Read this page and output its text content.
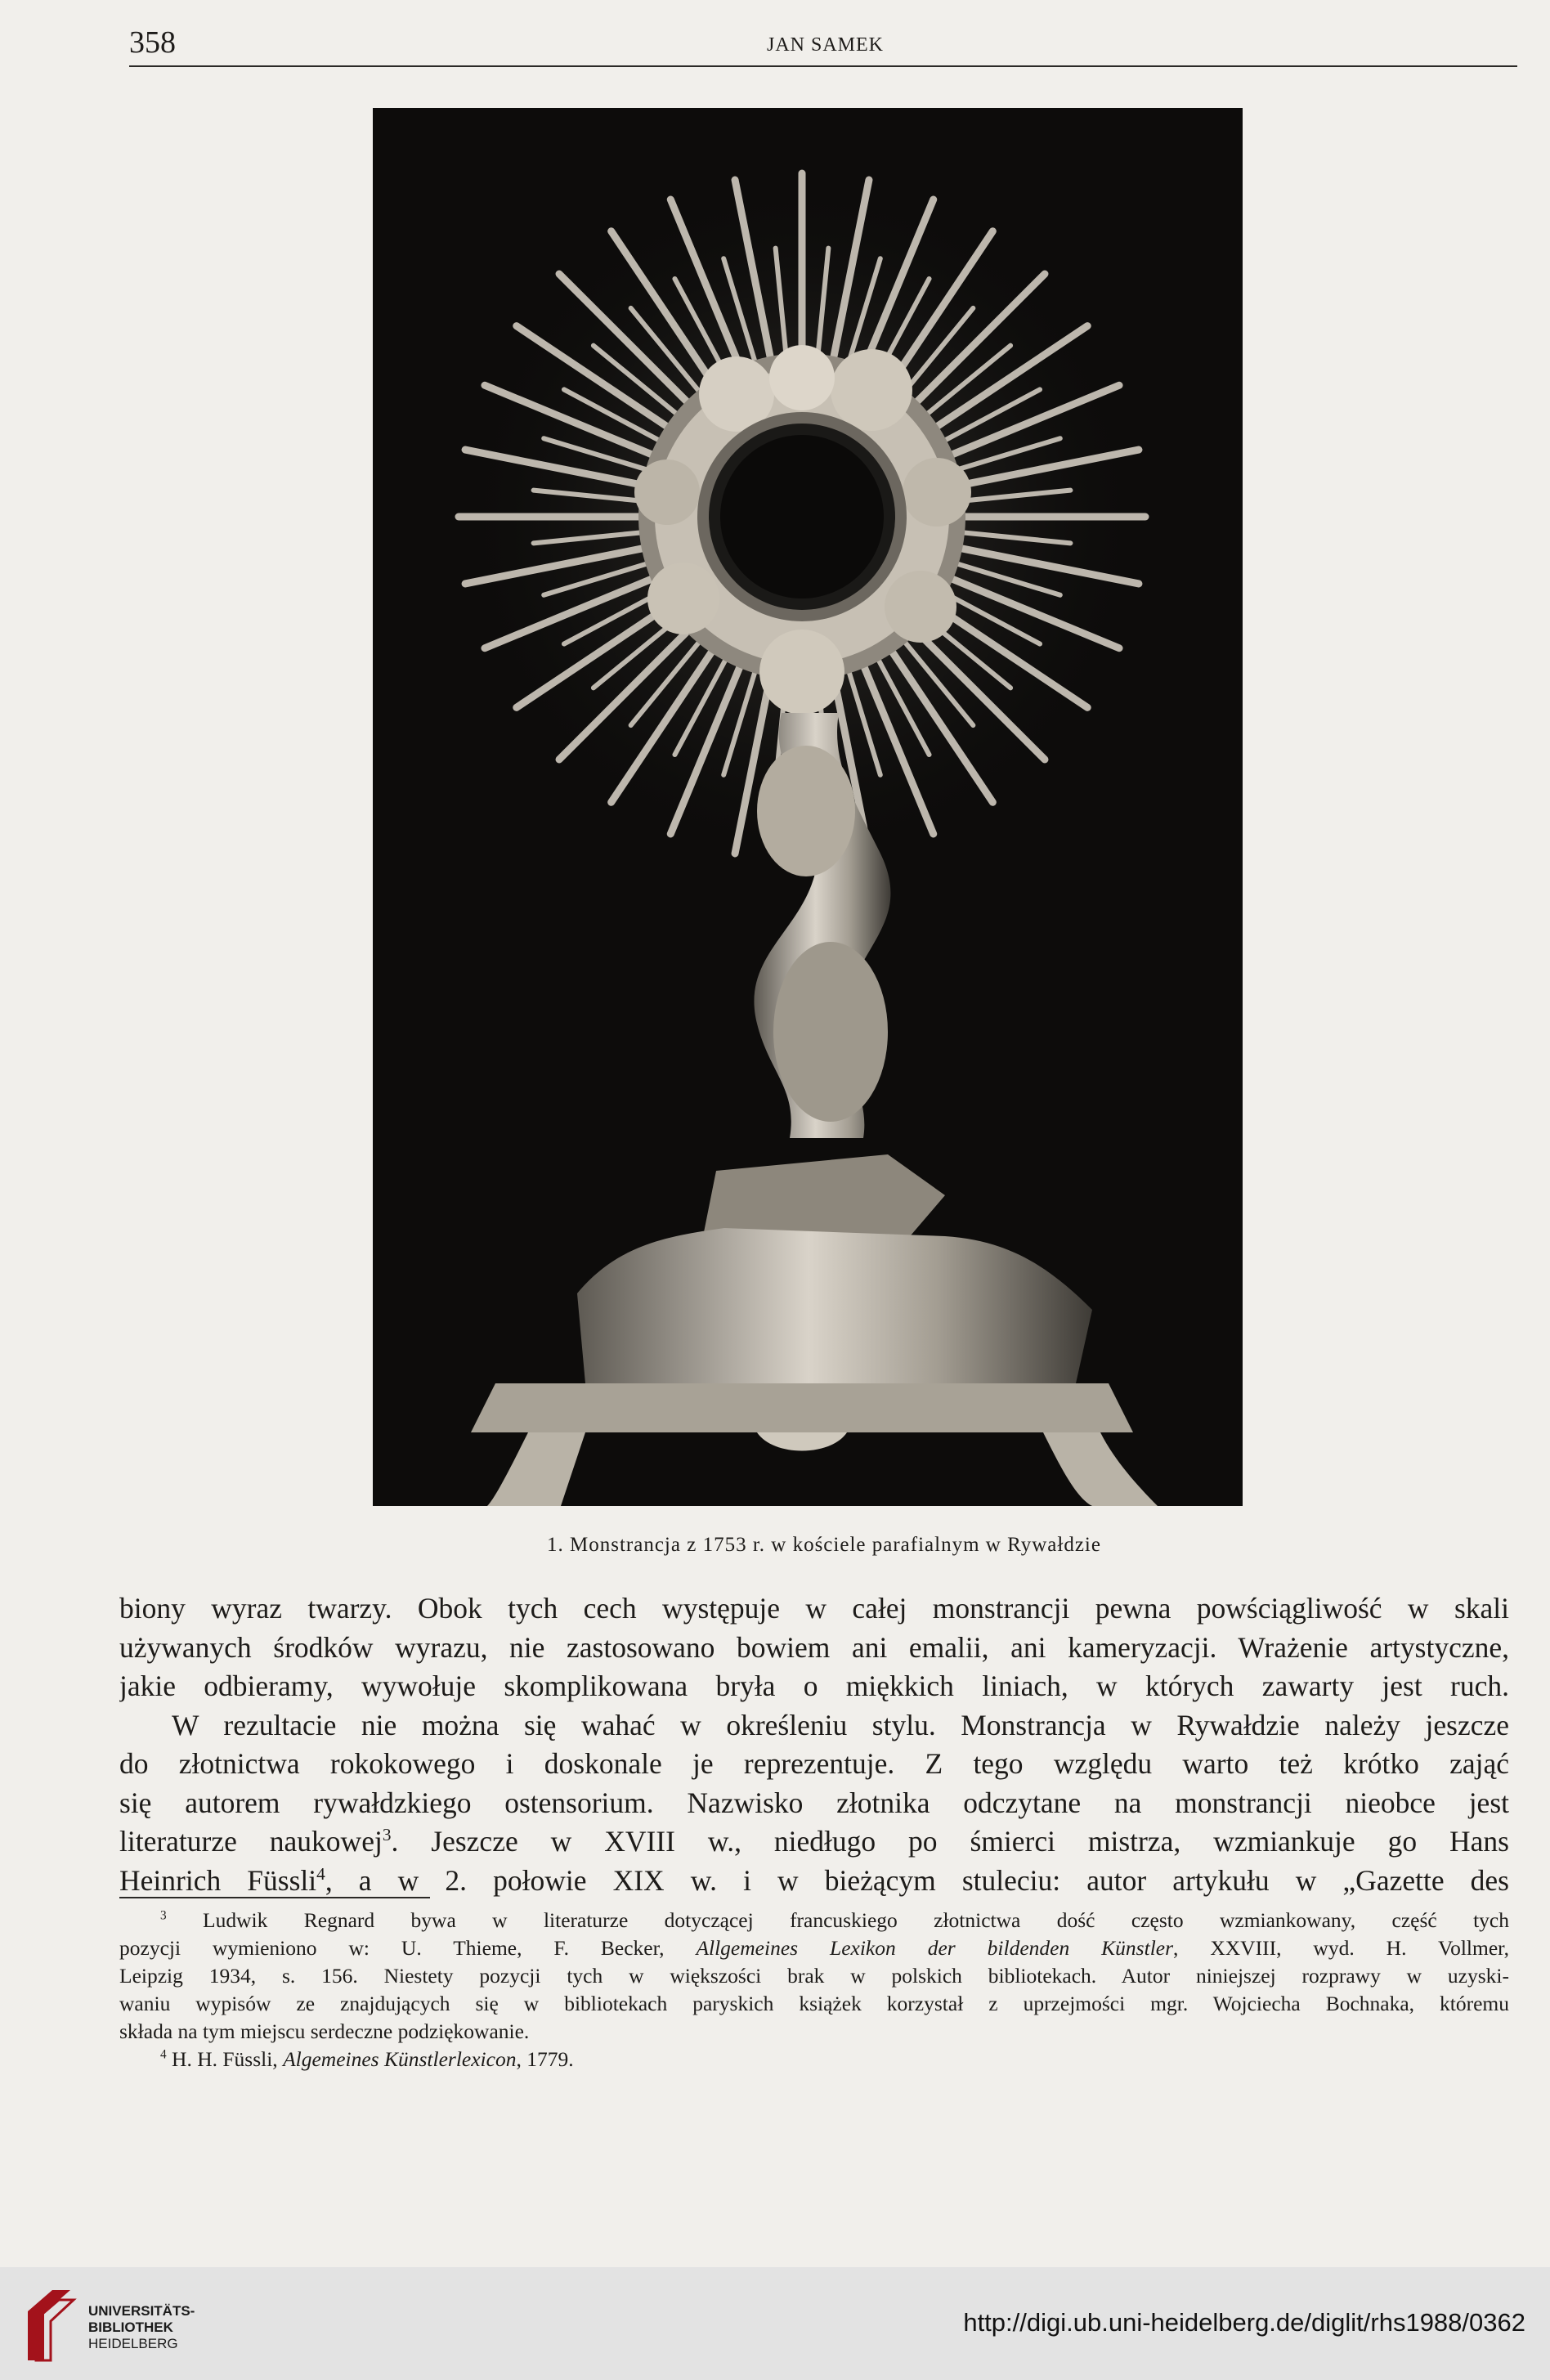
358	JAN SAMEK
1. Monstrancja z 1753 r. w kościele parafialnym w Rywałdzie
biony wyraz twarzy. Obok tych cech występuje w całej monstrancji pewna powściągliwość w skali
używanych środków wyrazu, nie zastosowano bowiem ani emalii, ani kameryzacji. Wrażenie artystyczne,
jakie odbieramy, wywołuje skomplikowana bryła o miękkich liniach, w których zawarty jest ruch.
W rezultacie nie można się wahać w określeniu stylu. Monstrancja w Rywałdzie należy jeszcze
do złotnictwa rokokowego i doskonale je reprezentuje. Z tego względu warto też krótko zająć
się autorem rywałdzkiego ostensorium. Nazwisko złotnika odczytane na monstrancji nieobce jest
literaturze naukowej$^3$. Jeszcze w XVIII w., niedługo po śmierci mistrza, wzmiankuje go Hans
Heinrich Füssli$^4$, a w 2. połowie XIX w. i w bieżącym stuleciu: autor artykułu w „Gazette des
$^3$ Ludwik Regnard bywa w literaturze dotyczącej francuskiego złotnictwa dość często wzmiankowany, część tych
pozycji wymieniono w: U. Thieme, F. Becker, Allgemeines Lexikon der bildenden Künstler, XXVIII, wyd. H. Vollmer,
Leipzig 1934, s. 156. Niestety pozycji tych w większości brak w polskich bibliotekach. Autor niniejszej rozprawy w uzyski-
waniu wypisów ze znajdujących się w bibliotekach paryskich książek korzystał z uprzejmości mgr. Wojciecha Bochnaka, któremu
składa na tym miejscu serdeczne podziękowanie.
$^4$ H. H. Füssli, Algemeines Künstlerlexicon, 1779.
UNIVERSITÄTS-
BIBLIOTHEK
HEIDELBERG
http://digi.ub.uni-heidelberg.de/diglit/rhs1988/0362
